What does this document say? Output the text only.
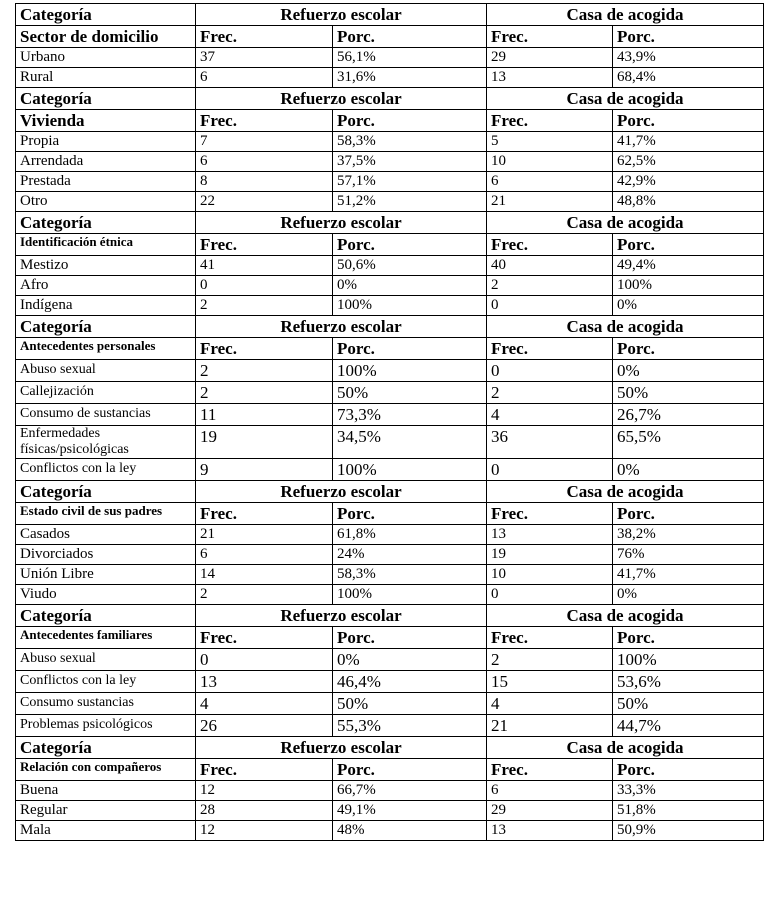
Categoría	Refuerzo escolar		Casa de acogida	
Sector de domicilio	Frec.	Porc.	Frec.	Porc.
Urbano	37	56,1%	29	43,9%
Rural	6	31,6%	13	68,4%
Categoría	Refuerzo escolar		Casa de acogida	
Vivienda	Frec.	Porc.	Frec.	Porc.
Propia	7	58,3%	5	41,7%
Arrendada	6	37,5%	10	62,5%
Prestada	8	57,1%	6	42,9%
Otro	22	51,2%	21	48,8%
Categoría	Refuerzo escolar		Casa de acogida	
Identificación étnica	Frec.	Porc.	Frec.	Porc.
Mestizo	41	50,6%	40	49,4%
Afro	0	0%	2	100%
Indígena	2	100%	0	0%
Categoría	Refuerzo escolar		Casa de acogida	
Antecedentes personales	Frec.	Porc.	Frec.	Porc.
Abuso sexual	2	100%	0	0%
Callejización	2	50%	2	50%
Consumo de sustancias	11	73,3%	4	26,7%
Enfermedades físicas/psicológicas	19	34,5%	36	65,5%
Conflictos con la ley	9	100%	0	0%
Categoría	Refuerzo escolar		Casa de acogida	
Estado civil de sus padres	Frec.	Porc.	Frec.	Porc.
Casados	21	61,8%	13	38,2%
Divorciados	6	24%	19	76%
Unión Libre	14	58,3%	10	41,7%
Viudo	2	100%	0	0%
Categoría	Refuerzo escolar		Casa de acogida	
Antecedentes familiares	Frec.	Porc.	Frec.	Porc.
Abuso sexual	0	0%	2	100%
Conflictos con la ley	13	46,4%	15	53,6%
Consumo sustancias	4	50%	4	50%
Problemas psicológicos	26	55,3%	21	44,7%
Categoría	Refuerzo escolar		Casa de acogida	
Relación con compañeros	Frec.	Porc.	Frec.	Porc.
Buena	12	66,7%	6	33,3%
Regular	28	49,1%	29	51,8%
Mala	12	48%	13	50,9%
